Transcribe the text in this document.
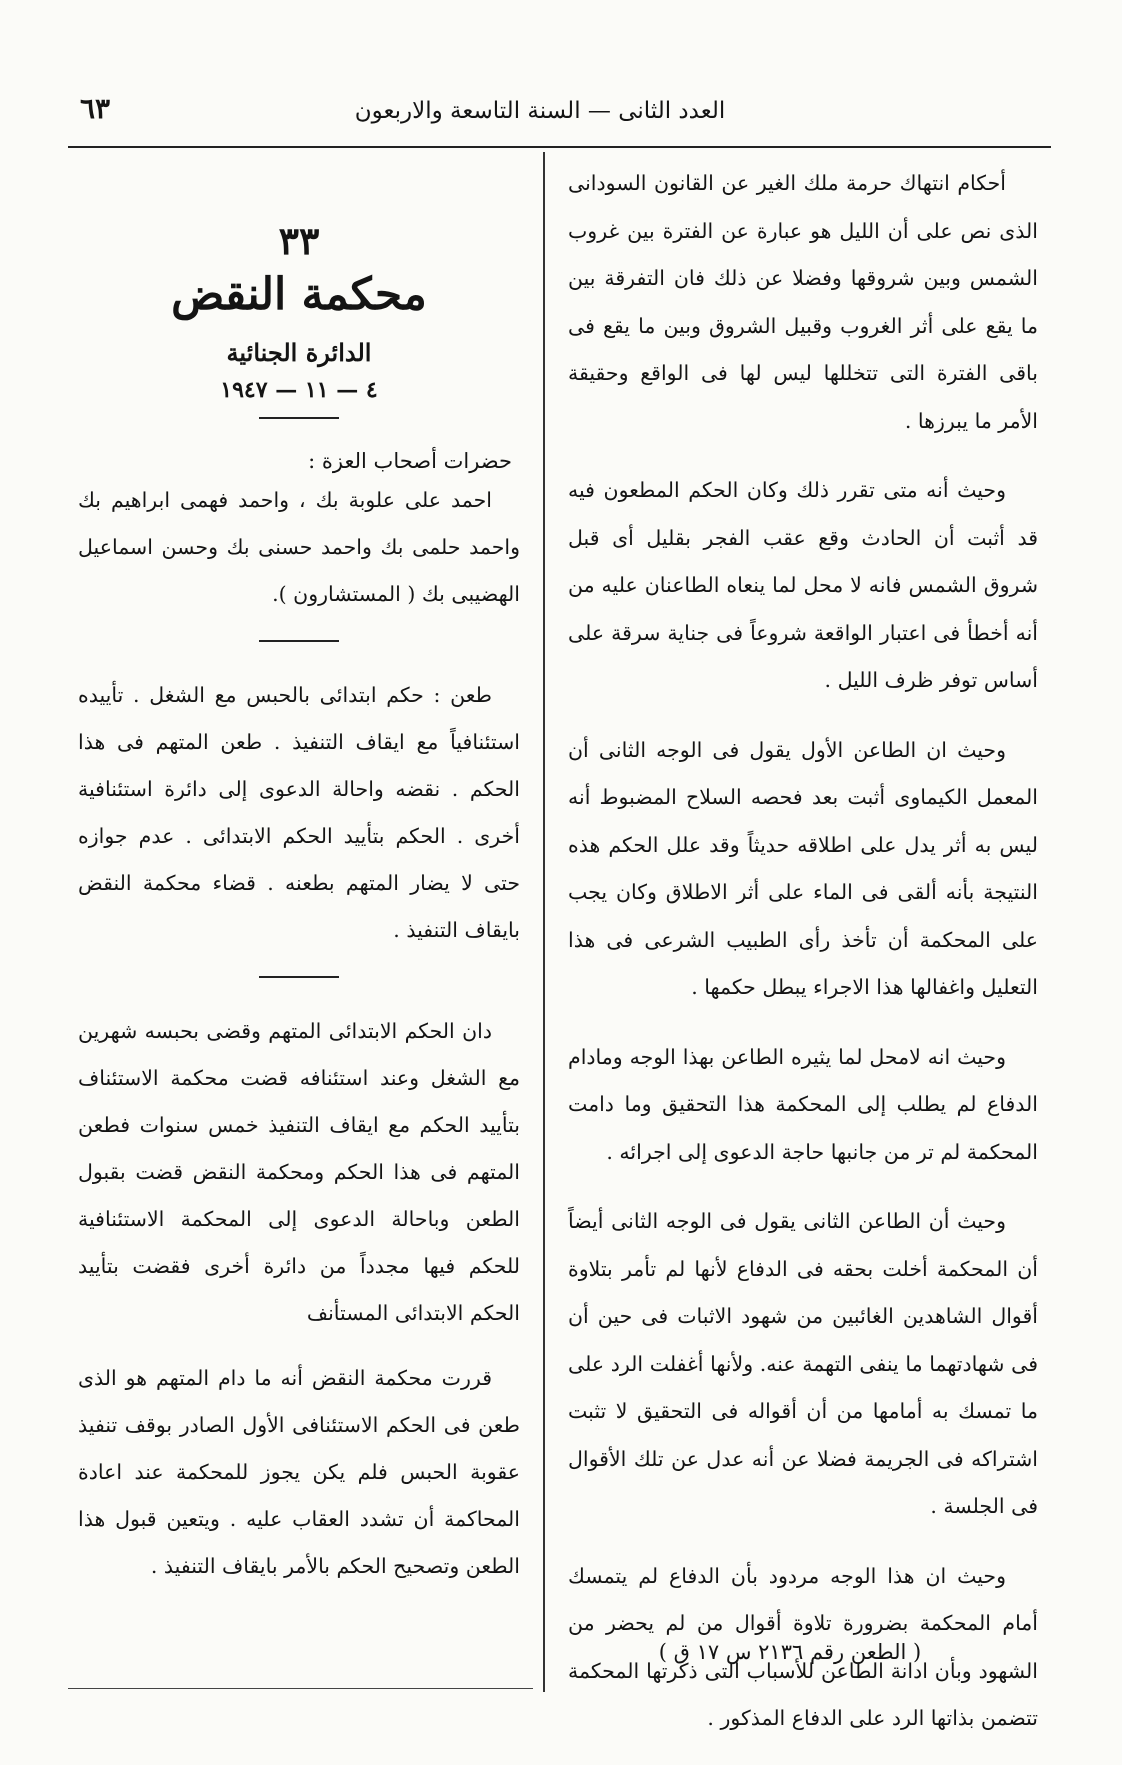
٦٣	العدد الثانى — السنة التاسعة والاربعون

أحكام انتهاك حرمة ملك الغير عن القانون السودانى الذى نص على أن الليل هو عبارة عن الفترة بين غروب الشمس وبين شروقها وفضلا عن ذلك فان التفرقة بين ما يقع على أثر الغروب وقبيل الشروق وبين ما يقع فى باقى الفترة التى تتخللها ليس لها فى الواقع وحقيقة الأمر ما يبرزها .

وحيث أنه متى تقرر ذلك وكان الحكم المطعون فيه قد أثبت أن الحادث وقع عقب الفجر بقليل أى قبل شروق الشمس فانه لا محل لما ينعاه الطاعنان عليه من أنه أخطأ فى اعتبار الواقعة شروعاً فى جناية سرقة على أساس توفر ظرف الليل .

وحيث ان الطاعن الأول يقول فى الوجه الثانى أن المعمل الكيماوى أثبت بعد فحصه السلاح المضبوط أنه ليس به أثر يدل على اطلاقه حديثاً وقد علل الحكم هذه النتيجة بأنه ألقى فى الماء على أثر الاطلاق وكان يجب على المحكمة أن تأخذ رأى الطبيب الشرعى فى هذا التعليل واغفالها هذا الاجراء يبطل حكمها .

وحيث انه لامحل لما يثيره الطاعن بهذا الوجه ومادام الدفاع لم يطلب إلى المحكمة هذا التحقيق وما دامت المحكمة لم تر من جانبها حاجة الدعوى إلى اجرائه .

وحيث أن الطاعن الثانى يقول فى الوجه الثانى أيضاً أن المحكمة أخلت بحقه فى الدفاع لأنها لم تأمر بتلاوة أقوال الشاهدين الغائبين من شهود الاثبات فى حين أن فى شهادتهما ما ينفى التهمة عنه. ولأنها أغفلت الرد على ما تمسك به أمامها من أن أقواله فى التحقيق لا تثبت اشتراكه فى الجريمة فضلا عن أنه عدل عن تلك الأقوال فى الجلسة .

وحيث ان هذا الوجه مردود بأن الدفاع لم يتمسك أمام المحكمة بضرورة تلاوة أقوال من لم يحضر من الشهود وبأن ادانة الطاعن للأسباب التى ذكرتها المحكمة تتضمن بذاتها الرد على الدفاع المذكور .

( الطعن رقم ٢١٣٦ س ١٧ ق )
٣٣
محكمة النقض
الدائرة الجنائية
٤ — ١١ — ١٩٤٧

حضرات أصحاب العزة :

احمد على علوبة بك ، واحمد فهمى ابراهيم بك واحمد حلمى بك واحمد حسنى بك وحسن اسماعيل الهضيبى بك ( المستشارون ).

طعن : حكم ابتدائى بالحبس مع الشغل . تأييده استئنافياً مع ايقاف التنفيذ . طعن المتهم فى هذا الحكم . نقضه واحالة الدعوى إلى دائرة استئنافية أخرى . الحكم بتأييد الحكم الابتدائى . عدم جوازه حتى لا يضار المتهم بطعنه . قضاء محكمة النقض بايقاف التنفيذ .

دان الحكم الابتدائى المتهم وقضى بحبسه شهرين مع الشغل وعند استئنافه قضت محكمة الاستئناف بتأييد الحكم مع ايقاف التنفيذ خمس سنوات فطعن المتهم فى هذا الحكم ومحكمة النقض قضت بقبول الطعن وباحالة الدعوى إلى المحكمة الاستئنافية للحكم فيها مجدداً من دائرة أخرى فقضت بتأييد الحكم الابتدائى المستأنف

قررت محكمة النقض أنه ما دام المتهم هو الذى طعن فى الحكم الاستئنافى الأول الصادر بوقف تنفيذ عقوبة الحبس فلم يكن يجوز للمحكمة عند اعادة المحاكمة أن تشدد العقاب عليه . ويتعين قبول هذا الطعن وتصحيح الحكم بالأمر بايقاف التنفيذ .
